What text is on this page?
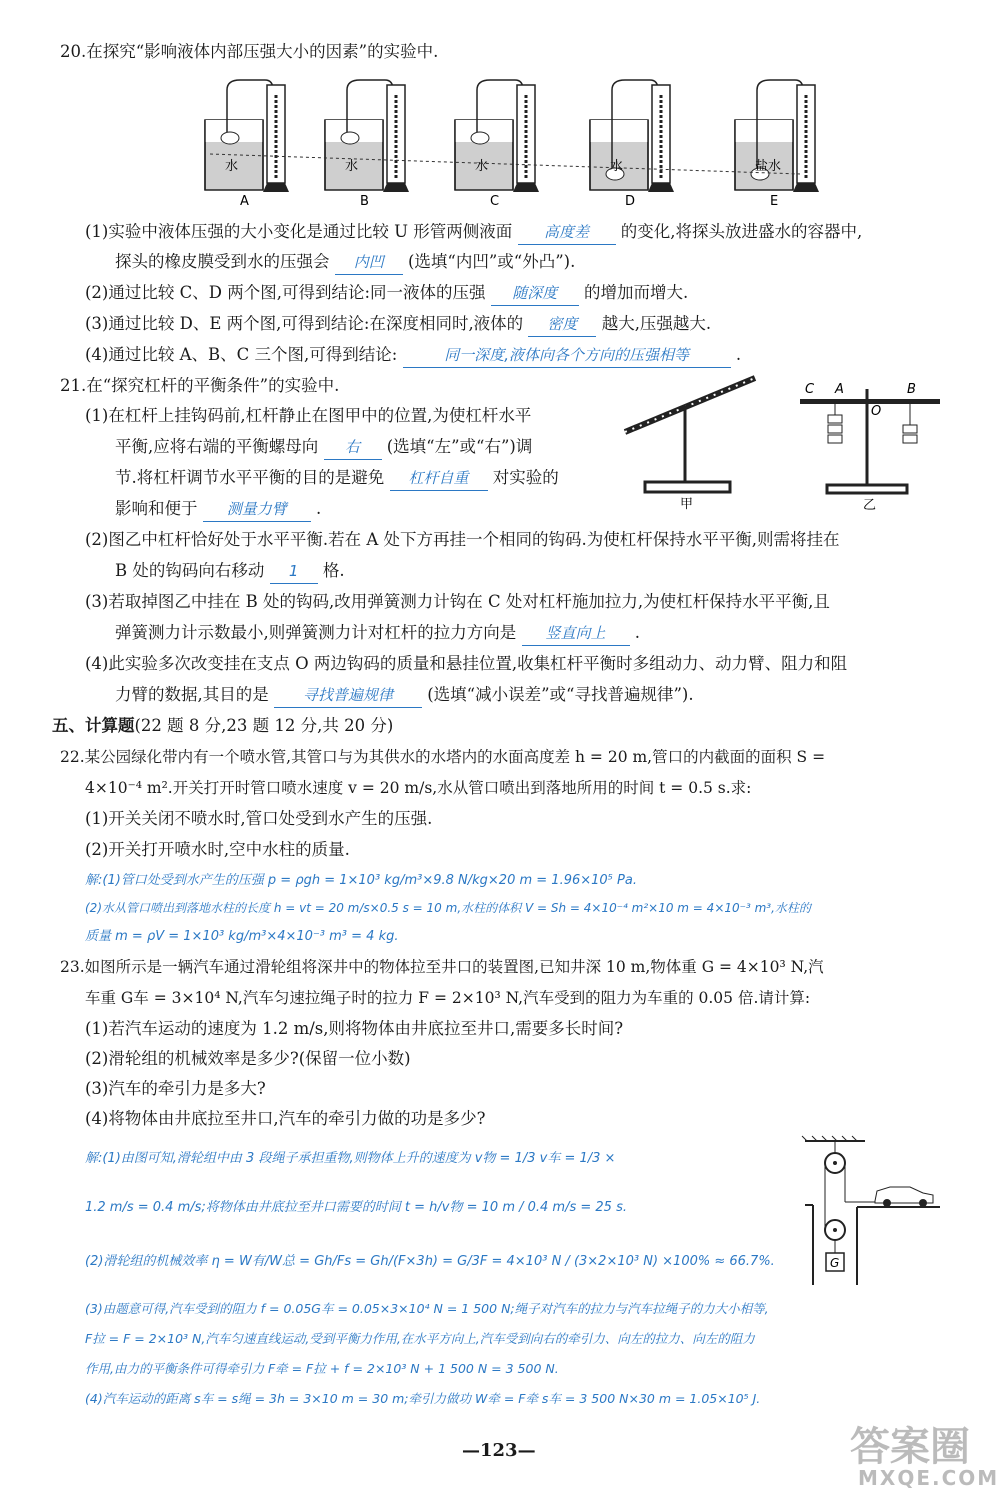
20.在探究“影响液体内部压强大小的因素”的实验中.
水
A
水
B
水
C
水
D
盐水
E
(1)实验中液体压强的大小变化是通过比较 U 形管两侧液面 高度差 的变化,将探头放进盛水的容器中,
探头的橡皮膜受到水的压强会 内凹 (选填“内凹”或“外凸”).
(2)通过比较 C、D 两个图,可得到结论:同一液体的压强 随深度 的增加而增大.
(3)通过比较 D、E 两个图,可得到结论:在深度相同时,液体的 密度 越大,压强越大.
(4)通过比较 A、B、C 三个图,可得到结论:	同一深度,液体向各个方向的压强相等	.
21.在“探究杠杆的平衡条件”的实验中.
(1)在杠杆上挂钩码前,杠杆静止在图甲中的位置,为使杠杆水平
平衡,应将右端的平衡螺母向 右 (选填“左”或“右”)调
节.将杠杆调节水平平衡的目的是避免 杠杆自重 对实验的
影响和便于 测量力臂 .	甲
C A	B
O
乙
(2)图乙中杠杆恰好处于水平平衡.若在 A 处下方再挂一个相同的钩码.为使杠杆保持水平平衡,则需将挂在
B 处的钩码向右移动 1 格.
(3)若取掉图乙中挂在 B 处的钩码,改用弹簧测力计钩在 C 处对杠杆施加拉力,为使杠杆保持水平平衡,且
弹簧测力计示数最小,则弹簧测力计对杠杆的拉力方向是 竖直向上 .
(4)此实验多次改变挂在支点 O 两边钩码的质量和悬挂位置,收集杠杆平衡时多组动力、动力臂、阻力和阻
力臂的数据,其目的是 寻找普遍规律 (选填“减小误差”或“寻找普遍规律”).
五、计算题(22 题 8 分,23 题 12 分,共 20 分)
22.某公园绿化带内有一个喷水管,其管口与为其供水的水塔内的水面高度差 h = 20 m,管口的内截面的面积 S =
4×10⁻⁴ m².开关打开时管口喷水速度 v = 20 m/s,水从管口喷出到落地所用的时间 t = 0.5 s.求:
(1)开关关闭不喷水时,管口处受到水产生的压强.
(2)开关打开喷水时,空中水柱的质量.
解:(1)管口处受到水产生的压强 p = ρgh = 1×10³ kg/m³×9.8 N/kg×20 m = 1.96×10⁵ Pa.
(2)水从管口喷出到落地水柱的长度 h = vt = 20 m/s×0.5 s = 10 m,水柱的体积 V = Sh = 4×10⁻⁴ m²×10 m = 4×10⁻³ m³,水柱的
质量 m = ρV = 1×10³ kg/m³×4×10⁻³ m³ = 4 kg.
23.如图所示是一辆汽车通过滑轮组将深井中的物体拉至井口的装置图,已知井深 10 m,物体重 G = 4×10³ N,汽
车重 G车 = 3×10⁴ N,汽车匀速拉绳子时的拉力 F = 2×10³ N,汽车受到的阻力为车重的 0.05 倍.请计算:
(1)若汽车运动的速度为 1.2 m/s,则将物体由井底拉至井口,需要多长时间?
(2)滑轮组的机械效率是多少?(保留一位小数)
(3)汽车的牵引力是多大?
(4)将物体由井底拉至井口,汽车的牵引力做的功是多少?
解:(1)由图可知,滑轮组中由 3 段绳子承担重物,则物体上升的速度为 v物 = 1/3 v车 = 1/3 ×
1.2 m/s = 0.4 m/s;将物体由井底拉至井口需要的时间 t = h/v物 = 10 m / 0.4 m/s = 25 s.
(2)滑轮组的机械效率 η = W有/W总 = Gh/Fs = Gh/(F×3h) = G/3F = 4×10³ N / (3×2×10³ N) ×100% ≈ 66.7%.
(3)由题意可得,汽车受到的阻力 f = 0.05G车 = 0.05×3×10⁴ N = 1 500 N;绳子对汽车的拉力与汽车拉绳子的力大小相等,
F拉 = F = 2×10³ N,汽车匀速直线运动,受到平衡力作用,在水平方向上,汽车受到向右的牵引力、向左的拉力、向左的阻力
作用,由力的平衡条件可得牵引力 F牵 = F拉 + f = 2×10³ N + 1 500 N = 3 500 N.
(4)汽车运动的距离 s车 = s绳 = 3h = 3×10 m = 30 m;牵引力做功 W牵 = F牵 s车 = 3 500 N×30 m = 1.05×10⁵ J.
G
—123—	答案圈
MXQE.COM
